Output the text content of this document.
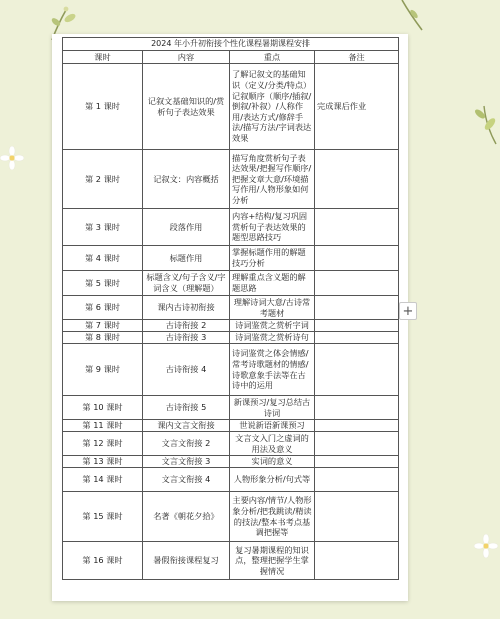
2024 年小升初衔接个性化课程暑期课程安排			
课时	内容	重点	备注
第 1 课时	记叙文基础知识的/赏析句子表达效果	了解记叙文的基础知识（定义/分类/特点）记叙顺序（顺序/插叙/倒叙/补叙）/人称作用/表达方式/修辞手法/描写方法/字词表达效果	完成课后作业
第 2 课时	记叙文：内容概括	描写角度赏析句子表达效果/把握写作顺序/把握文章大意/环境描写作用/人物形象如何分析	
第 3 课时	段落作用	内容+结构/复习巩固赏析句子表达效果的题型思路技巧	
第 4 课时	标题作用	掌握标题作用的解题技巧分析	
第 5 课时	标题含义/句子含义/字词含义（理解题）	理解重点含义题的解题思路	
第 6 课时	课内古诗初衔接	理解诗词大意/古诗常考题材	
第 7 课时	古诗衔接 2	诗词鉴赏之赏析字词	
第 8 课时	古诗衔接 3	诗词鉴赏之赏析诗句	
第 9 课时	古诗衔接 4	诗词鉴赏之体会情感/常考诗歌题材的情感/诗歌意象手法等在古诗中的运用	
第 10 课时	古诗衔接 5	新课预习/复习总结古诗词	
第 11 课时	课内文言文衔接	世说新语新课预习	
第 12 课时	文言文衔接 2	文言文入门之虚词的用法及意义	
第 13 课时	文言文衔接 3	实词的意义	
第 14 课时	文言文衔接 4	人物形象分析/句式等	
第 15 课时	名著《朝花夕拾》	主要内容/情节/人物形象分析/把我跳读/精读的技法/整本书考点基调把握等	
第 16 课时	暑假衔接课程复习	复习暑期课程的知识点，整理把握学生掌握情况	
+
